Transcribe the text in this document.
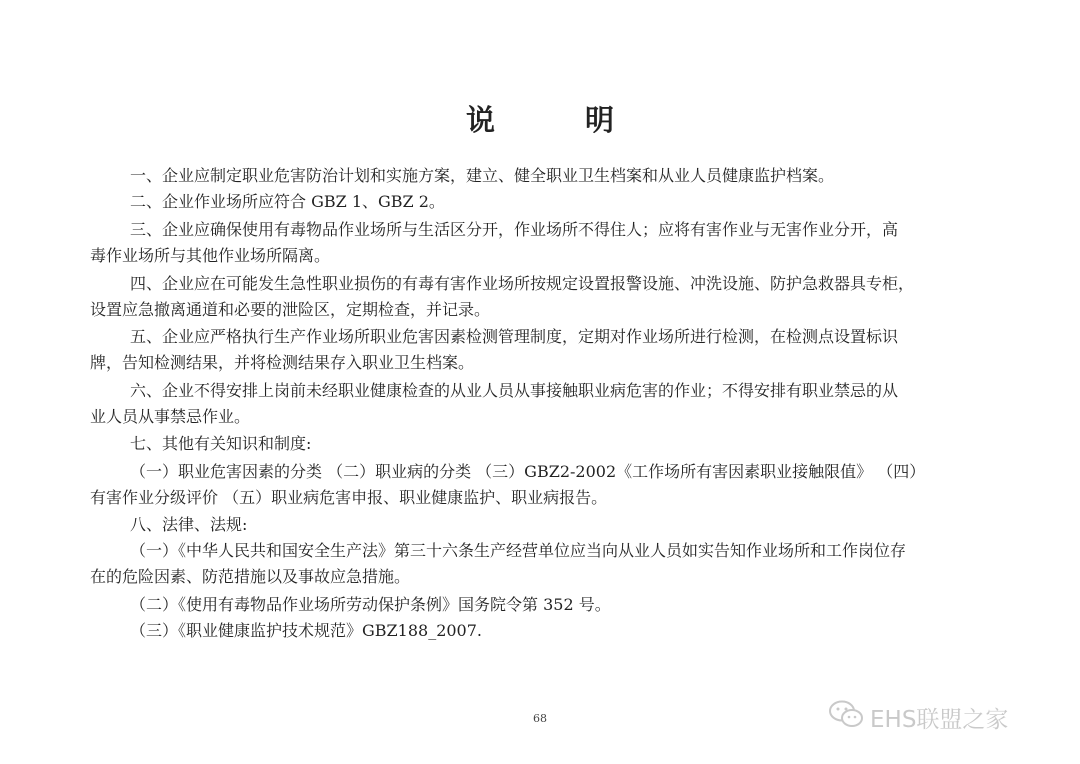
说 明
一、企业应制定职业危害防治计划和实施方案，建立、健全职业卫生档案和从业人员健康监护档案。
二、企业作业场所应符合 GBZ 1、GBZ 2。
三、企业应确保使用有毒物品作业场所与生活区分开，作业场所不得住人；应将有害作业与无害作业分开，高
毒作业场所与其他作业场所隔离。
四、企业应在可能发生急性职业损伤的有毒有害作业场所按规定设置报警设施、冲洗设施、防护急救器具专柜，
设置应急撤离通道和必要的泄险区，定期检查，并记录。
五、企业应严格执行生产作业场所职业危害因素检测管理制度，定期对作业场所进行检测，在检测点设置标识
牌，告知检测结果，并将检测结果存入职业卫生档案。
六、企业不得安排上岗前未经职业健康检查的从业人员从事接触职业病危害的作业；不得安排有职业禁忌的从
业人员从事禁忌作业。
七、其他有关知识和制度:
（一）职业危害因素的分类 （二）职业病的分类 （三）GBZ2-2002《工作场所有害因素职业接触限值》 （四）
有害作业分级评价 （五）职业病危害申报、职业健康监护、职业病报告。
八、法律、法规:
（一）《中华人民共和国安全生产法》第三十六条生产经营单位应当向从业人员如实告知作业场所和工作岗位存
在的危险因素、防范措施以及事故应急措施。
（二）《使用有毒物品作业场所劳动保护条例》国务院令第 352 号。
（三）《职业健康监护技术规范》GBZ188_2007.
68	EHS联盟之家
